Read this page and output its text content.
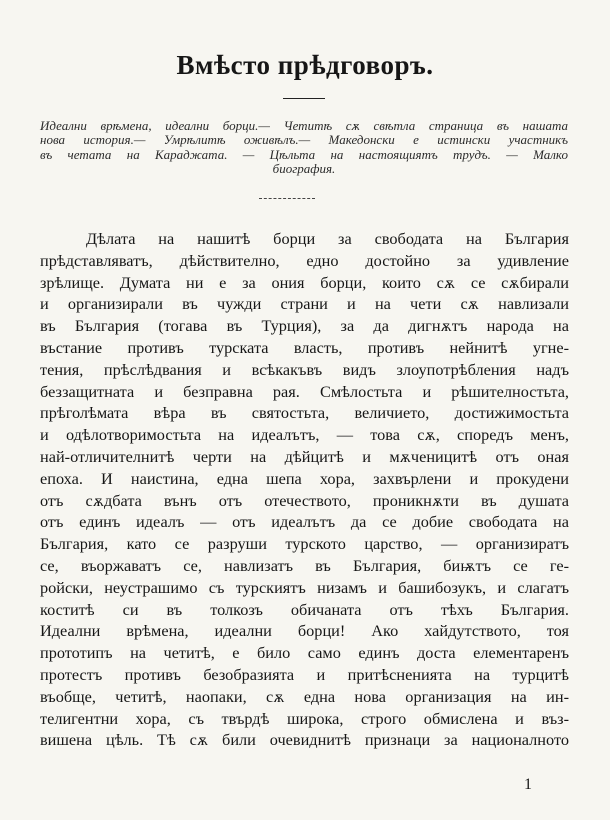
Вмѣсто прѣдговоръ.
Идеални врѣмена, идеални борци.— Четитѣ сѫ свѣтла страница въ нашата
нова история.— Умрѣлитѣ оживѣлъ.— Македонски е истински участникъ
въ четата на Караджата. — Цѣльта на настоящиятъ трудъ. — Малко
биография.
Дѣлата на нашитѣ борци за свободата на България
прѣдставляватъ, дѣйствително, едно достойно за удивление
зрѣлище. Думата ни е за ония борци, които сѫ се сѫбирали
и организирали въ чужди страни и на чети сѫ навлизали
въ България (тогава въ Турция), за да дигнѫтъ народа на
въстание противъ турската власть, противъ нейнитѣ угне-
тения, прѣслѣдвания и всѣкакъвъ видъ злоупотрѣбления надъ
беззащитната и безправна рая. Смѣлостьта и рѣшителностьта,
прѣголѣмата вѣра въ святостьта, величието, достижимостьта
и одѣлотворимостьта на идеалътъ, — това сѫ, споредъ менъ,
най-отличителнитѣ черти на дѣйцитѣ и мѫченицитѣ отъ оная
епоха. И наистина, една шепа хора, захвърлени и прокудени
отъ сѫдбата вънъ отъ отечеството, проникнѫти въ душата
отъ единъ идеалъ — отъ идеалътъ да се добие свободата на
България, като се разруши турското царство, — организиратъ
се, въоржаватъ се, навлизатъ въ България, биѭтъ се ге-
ройски, неустрашимо съ турскиятъ низамъ и башибозукъ, и слагатъ
коститѣ си въ толкозъ обичаната отъ тѣхъ България.
Идеални врѣмена, идеални борци! Ако хайдутството, тоя
прототипъ на четитѣ, е било само единъ доста елементаренъ
протестъ противъ безобразията и притѣсненията на турцитѣ
въобще, четитѣ, наопаки, сѫ една нова организация на ин-
телигентни хора, съ твърдѣ широка, строго обмислена и въз-
вишена цѣль. Тѣ сѫ били очевиднитѣ признаци за националното
1
